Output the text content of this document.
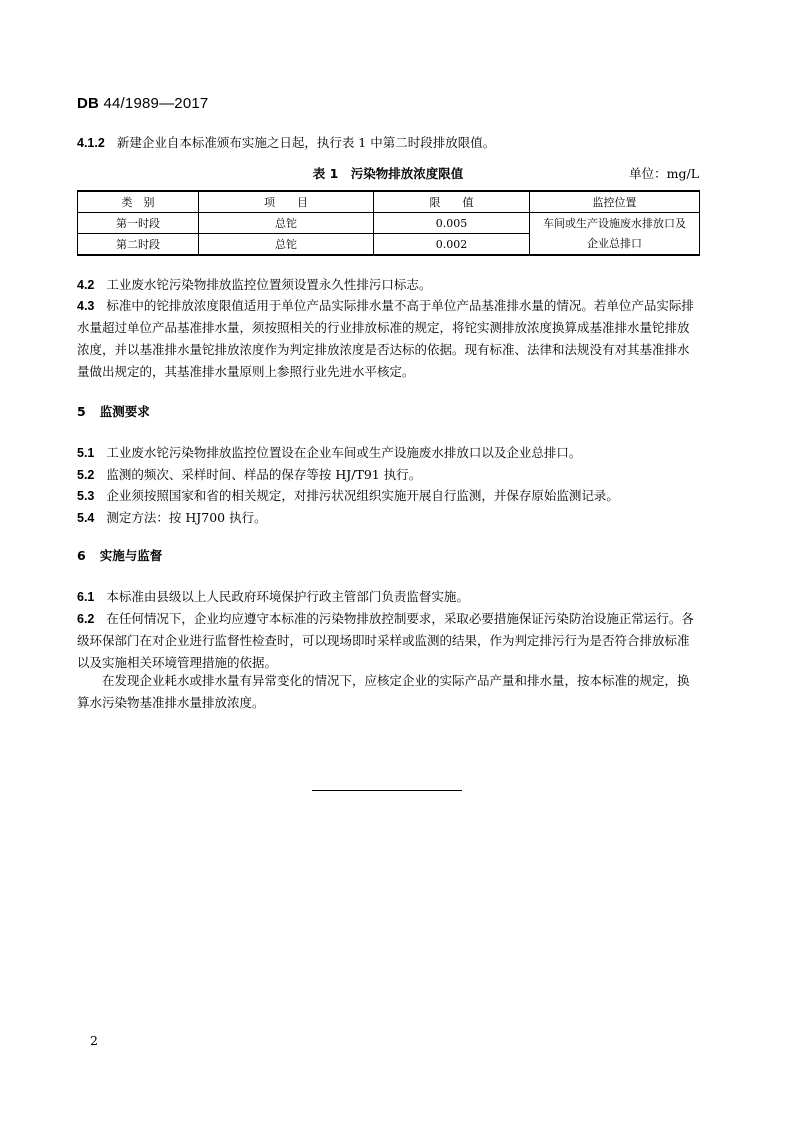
DB 44/1989—2017
4.1.2 新建企业自本标准颁布实施之日起，执行表 1 中第二时段排放限值。
表 1　污染物排放浓度限值	单位：mg/L
类　别	项　　目	限　　值	监控位置
第一时段	总铊	0.005	车间或生产设施废水排放口及
企业总排口

第二时段	总铊	0.002	
4.2 工业废水铊污染物排放监控位置须设置永久性排污口标志。
4.3 标准中的铊排放浓度限值适用于单位产品实际排水量不高于单位产品基准排水量的情况。若单位产品实际排水量超过单位产品基准排水量，须按照相关的行业排放标准的规定，将铊实测排放浓度换算成基准排水量铊排放浓度，并以基准排水量铊排放浓度作为判定排放浓度是否达标的依据。现有标准、法律和法规没有对其基准排水量做出规定的，其基准排水量原则上参照行业先进水平核定。
5 监测要求
5.1 工业废水铊污染物排放监控位置设在企业车间或生产设施废水排放口以及企业总排口。
5.2 监测的频次、采样时间、样品的保存等按 HJ/T91 执行。
5.3 企业须按照国家和省的相关规定，对排污状况组织实施开展自行监测，并保存原始监测记录。
5.4 测定方法：按 HJ700 执行。
6 实施与监督
6.1 本标准由县级以上人民政府环境保护行政主管部门负责监督实施。
6.2 在任何情况下，企业均应遵守本标准的污染物排放控制要求，采取必要措施保证污染防治设施正常运行。各级环保部门在对企业进行监督性检查时，可以现场即时采样或监测的结果，作为判定排污行为是否符合排放标准以及实施相关环境管理措施的依据。
在发现企业耗水或排水量有异常变化的情况下，应核定企业的实际产品产量和排水量，按本标准的规定，换算水污染物基准排水量排放浓度。
2
